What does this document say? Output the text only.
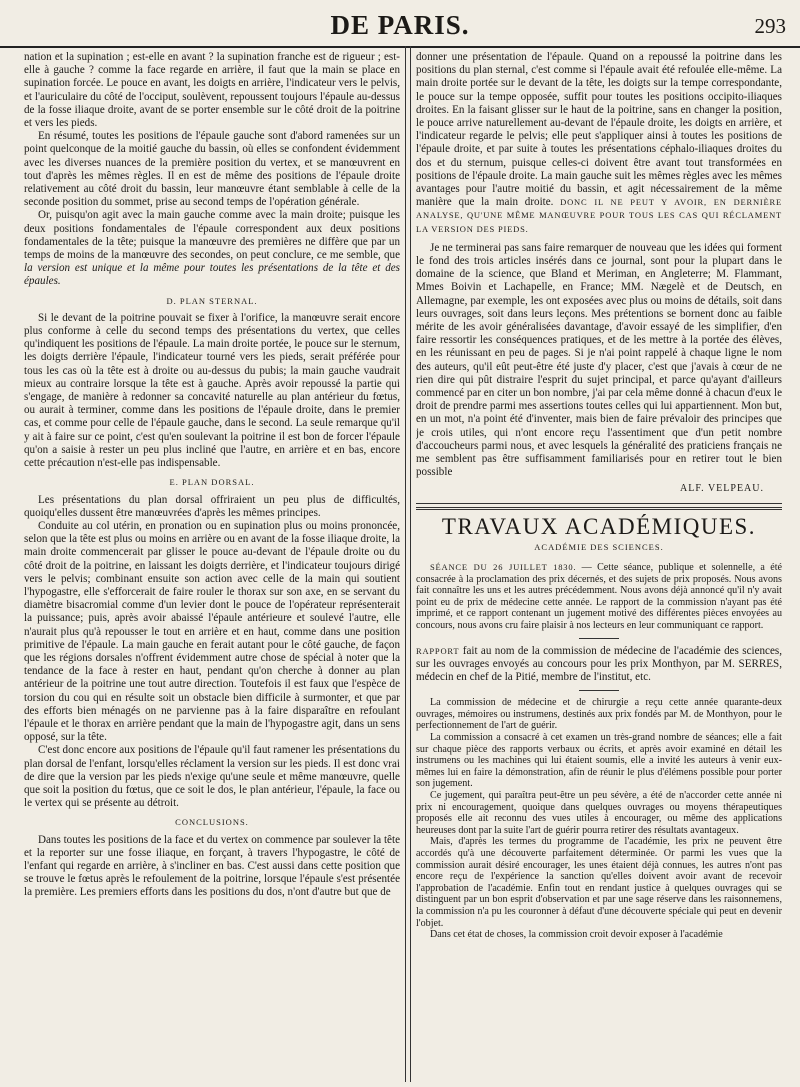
DE PARIS.	293

nation et la supination ; est-elle en avant ? la supination franche est de rigueur ; est-elle à gauche ? comme la face regarde en arrière, il faut que la main se place en supination forcée. Le pouce en avant, les doigts en arrière, l'indicateur vers le pelvis, et l'auriculaire du côté de l'occiput, soulèvent, repoussent toujours l'épaule au-dessus de la fosse iliaque droite, avant de se porter ensemble sur le côté droit de la poitrine et vers les pieds.

En résumé, toutes les positions de l'épaule gauche sont d'abord ramenées sur un point quelconque de la moitié gauche du bassin, où elles se confondent évidemment avec les diverses nuances de la première position du vertex, et se manœuvrent en tout d'après les mêmes règles. Il en est de même des positions de l'épaule droite relativement au côté droit du bassin, leur manœuvre étant semblable à celle de la seconde position du sommet, prise au second temps de l'opération générale.

Or, puisqu'on agit avec la main gauche comme avec la main droite; puisque les deux positions fondamentales de l'épaule correspondent aux deux positions fondamentales de la tête; puisque la manœuvre des premières ne diffère que par un temps de moins de la manœuvre des secondes, on peut conclure, ce me semble, que la version est unique et la même pour toutes les présentations de la tête et des épaules.

D. PLAN STERNAL.

Si le devant de la poitrine pouvait se fixer à l'orifice, la manœuvre serait encore plus conforme à celle du second temps des présentations du vertex, que celles qu'indiquent les positions de l'épaule. La main droite portée, le pouce sur le sternum, les doigts derrière l'épaule, l'indicateur tourné vers les pieds, serait préférée pour tous les cas où la tête est à droite ou au-dessus du pubis; la main gauche vaudrait mieux au contraire lorsque la tête est à gauche. Après avoir repoussé la partie qui s'engage, de manière à redonner sa concavité naturelle au plan antérieur du fœtus, ou aurait à terminer, comme dans les positions de l'épaule droite, dans le premier cas, et comme pour celle de l'épaule gauche, dans le second. La seule remarque qu'il y ait à faire sur ce point, c'est qu'en soulevant la poitrine il est bon de forcer l'épaule qu'on a saisie à rester un peu plus incliné que l'autre, en arrière et en bas, encore cette précaution n'est-elle pas indispensable.

E. PLAN DORSAL.

Les présentations du plan dorsal offriraient un peu plus de difficultés, quoiqu'elles dussent être manœuvrées d'après les mêmes principes.

Conduite au col utérin, en pronation ou en supination plus ou moins prononcée, selon que la tête est plus ou moins en arrière ou en avant de la fosse iliaque droite, la main droite commencerait par glisser le pouce au-devant de l'épaule droite ou du côté droit de la poitrine, en laissant les doigts derrière, et l'indicateur toujours dirigé vers le pelvis; combinant ensuite son action avec celle de la main qui soutient l'hypogastre, elle s'efforcerait de faire rouler le thorax sur son axe, en se servant du diamètre bisacromial comme d'un levier dont le pouce de l'opérateur représenterait la puissance; puis, après avoir abaissé l'épaule antérieure et soulevé l'autre, elle n'aurait plus qu'à repousser le tout en arrière et en haut, comme dans une position primitive de l'épaule. La main gauche en ferait autant pour le côté gauche, de façon que les régions dorsales n'offrent évidemment autre chose de spécial à noter que la tendance de la face à rester en haut, pendant qu'on cherche à donner au plan antérieur de la poitrine une tout autre direction. Toutefois il est faux que l'espèce de torsion du cou qui en résulte soit un obstacle bien difficile à surmonter, et que par des efforts bien ménagés on ne parvienne pas à la faire disparaître en refoulant l'épaule et le thorax en arrière pendant que la main de l'hypogastre agit, dans un sens opposé, sur la tête.

C'est donc encore aux positions de l'épaule qu'il faut ramener les présentations du plan dorsal de l'enfant, lorsqu'elles réclament la version sur les pieds. Il est donc vrai de dire que la version par les pieds n'exige qu'une seule et même manœuvre, quelle que soit la position du fœtus, que ce soit le dos, le plan antérieur, l'épaule, la face ou le vertex qui se présente au détroit.

CONCLUSIONS.

Dans toutes les positions de la face et du vertex on commence par soulever la tête et la reporter sur une fosse iliaque, en forçant, à travers l'hypogastre, le côté de l'enfant qui regarde en arrière, à s'incliner en bas. C'est aussi dans cette position que se trouve le fœtus après le refoulement de la poitrine, lorsque l'épaule s'est présentée la première. Les premiers efforts dans les positions du dos, n'ont d'autre but que de

donner une présentation de l'épaule. Quand on a repoussé la poitrine dans les positions du plan sternal, c'est comme si l'épaule avait été refoulée elle-même. La main droite portée sur le devant de la tête, les doigts sur la tempe correspondante, le pouce sur la tempe opposée, suffit pour toutes les positions occipito-iliaques droites. En la faisant glisser sur le haut de la poitrine, sans en changer la position, le pouce arrive naturellement au-devant de l'épaule droite, les doigts en arrière, et l'indicateur regarde le pelvis; elle peut s'appliquer ainsi à toutes les positions de l'épaule droite, et par suite à toutes les présentations céphalo-iliaques droites du dos et du sternum, puisque celles-ci doivent être avant tout transformées en positions de l'épaule droite. La main gauche suit les mêmes règles avec les mêmes avantages pour l'autre moitié du bassin, et agit nécessairement de la même manière que la main droite. DONC IL NE PEUT Y AVOIR, EN DERNIÈRE ANALYSE, QU'UNE MÊME MANŒUVRE POUR TOUS LES CAS QUI RÉCLAMENT LA VERSION DES PIEDS.

Je ne terminerai pas sans faire remarquer de nouveau que les idées qui forment le fond des trois articles insérés dans ce journal, sont pour la plupart dans le domaine de la science, que Bland et Meriman, en Angleterre; M. Flammant, Mmes Boivin et Lachapelle, en France; MM. Nægelè et de Deutsch, en Allemagne, par exemple, les ont exposées avec plus ou moins de détails, soit dans leurs ouvrages, soit dans leurs leçons. Mes prétentions se bornent donc au faible mérite de les avoir généralisées davantage, d'avoir essayé de les simplifier, d'en faire ressortir les conséquences pratiques, et de les mettre à la portée des élèves, en les réunissant en peu de pages. Si je n'ai point rappelé à chaque ligne le nom des auteurs, qu'il eût peut-être été juste d'y placer, c'est que j'avais à cœur de ne rien dire qui pût distraire l'esprit du sujet principal, et parce qu'ayant d'ailleurs commencé par en citer un bon nombre, j'ai par cela même donné à chacun d'eux le droit de prendre parmi mes assertions toutes celles qui lui appartiennent. Mon but, en un mot, n'a point été d'inventer, mais bien de faire prévaloir des principes que je crois utiles, qui n'ont encore reçu l'assentiment que d'un petit nombre d'accoucheurs parmi nous, et avec lesquels la généralité des praticiens français ne me semblent pas être suffisamment familiarisés pour en retirer tout le bien possible

ALF. VELPEAU.
TRAVAUX ACADÉMIQUES.
ACADÉMIE DES SCIENCES.

SÉANCE DU 26 JUILLET 1830. — Cette séance, publique et solennelle, a été consacrée à la proclamation des prix décernés, et des sujets de prix proposés. Nous avons fait connaître les uns et les autres précédemment. Nous avons déjà annoncé qu'il n'y avait point eu de prix de médecine cette année. Le rapport de la commission n'ayant pas été imprimé, et ce rapport contenant un jugement motivé des différentes pièces envoyées au concours, nous avons cru faire plaisir à nos lecteurs en leur communiquant ce rapport.

RAPPORT fait au nom de la commission de médecine de l'académie des sciences, sur les ouvrages envoyés au concours pour les prix Monthyon, par M. SERRES, médecin en chef de la Pitié, membre de l'institut, etc.

La commission de médecine et de chirurgie a reçu cette année quarante-deux ouvrages, mémoires ou instrumens, destinés aux prix fondés par M. de Monthyon, pour le perfectionnement de l'art de guérir.

La commission a consacré à cet examen un très-grand nombre de séances; elle a fait sur chaque pièce des rapports verbaux ou écrits, et après avoir examiné en détail les instrumens ou les machines qui lui étaient soumis, elle a invité les auteurs à venir eux-mêmes lui en faire la démonstration, afin de réunir le plus d'élémens possible pour porter son jugement.

Ce jugement, qui paraîtra peut-être un peu sévère, a été de n'accorder cette année ni prix ni encouragement, quoique dans quelques ouvrages ou moyens thérapeutiques proposés elle ait reconnu des vues utiles à encourager, ou même des applications heureuses dont par la suite l'art de guérir pourra retirer des résultats avantageux.

Mais, d'après les termes du programme de l'académie, les prix ne peuvent être accordés qu'à une découverte parfaitement déterminée. Or parmi les vues que la commission aurait désiré encourager, les unes étaient déjà connues, les autres n'ont pas encore reçu de l'expérience la sanction qu'elles doivent avoir avant de recevoir l'approbation de l'académie. Enfin tout en rendant justice à quelques ouvrages qui se distinguent par un bon esprit d'observation et par une sage réserve dans les raisonnemens, la commission n'a pu les couronner à défaut d'une découverte spéciale qui peut en devenir l'objet.

Dans cet état de choses, la commission croit devoir exposer à l'académie
